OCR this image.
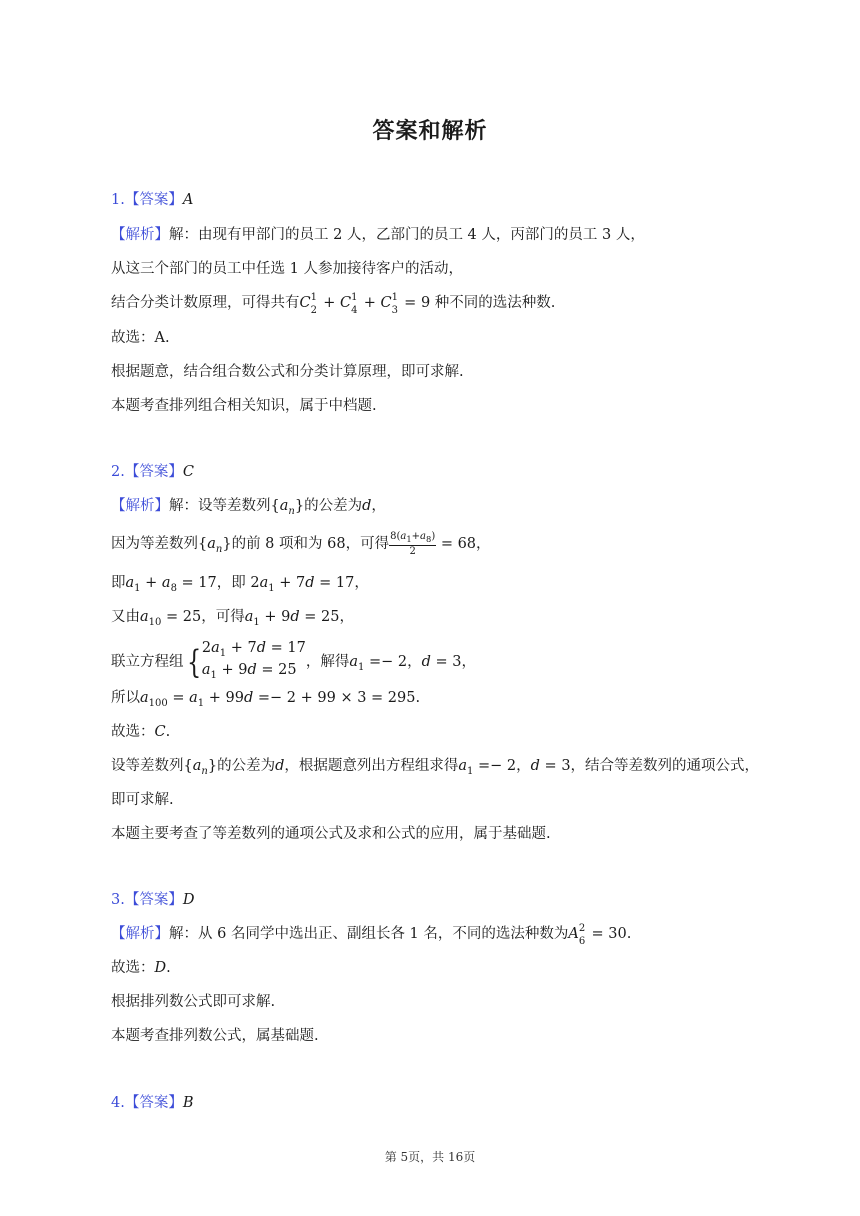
答案和解析
1.【答案】A
【解析】解：由现有甲部门的员工 2 人，乙部门的员工 4 人，丙部门的员工 3 人，
从这三个部门的员工中任选 1 人参加接待客户的活动，
结合分类计数原理，可得共有C 1
2 + C 1
4 + C 1
3 = 9 种不同的选法种数.
故选：A.
根据题意，结合组合数公式和分类计算原理，即可求解.
本题考查排列组合相关知识，属于中档题.
2.【答案】C
【解析】解：设等差数列$\{a_n\}$的公差为d，
因为等差数列$\{a_n\}$的前 8 项和为 68，可得 $\frac{8(a_1+a_8)}{2} = 68$，
即$a_1 + a_8 = 17$，即 $2a_1 + 7d = 17$，
又由$a_{10} = 25$，可得$a_1 + 9d = 25$，
联立方程组{$2a_1 + 7d = 17$
$a_1 + 9d = 25$ ，解得$a_1 =- 2$，d = 3，
所以$a_{100} = a_1 + 99d =- 2 + 99 \times 3 = 295$.
故选：C.
设等差数列$\{a_n\}$的公差为d，根据题意列出方程组求得$a_1 =- 2$，d = 3，结合等差数列的通项公式，
即可求解.
本题主要考查了等差数列的通项公式及求和公式的应用，属于基础题.
3.【答案】D
【解析】解：从 6 名同学中选出正、副组长各 1 名，不同的选法种数为A 2
6 = 30.
故选：D.
根据排列数公式即可求解.
本题考查排列数公式，属基础题.
4.【答案】B
第 5页，共 16页
